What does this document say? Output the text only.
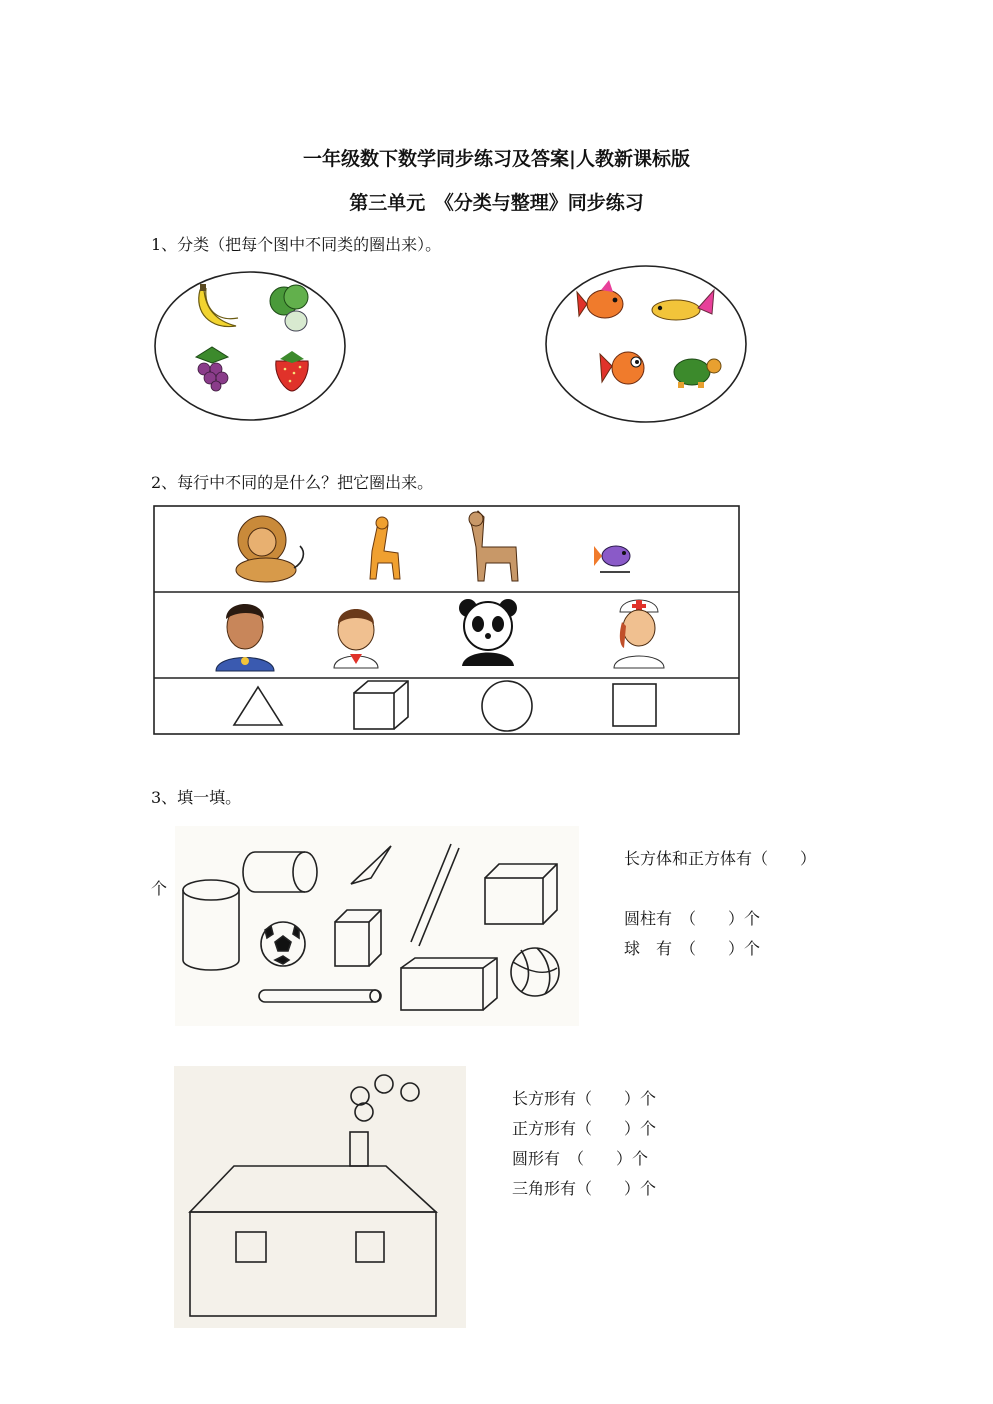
一年级数下数学同步练习及答案|人教新课标版
第三单元　《分类与整理》同步练习
1、分类（把每个图中不同类的圈出来）。
2、每行中不同的是什么？把它圈出来。
3、填一填。
个
长方体和正方体有（　　）
圆柱有　（　　）个
球　有　（　　）个
长方形有（　　）个
正方形有（　　）个
圆形有　（　　）个
三角形有（　　）个
